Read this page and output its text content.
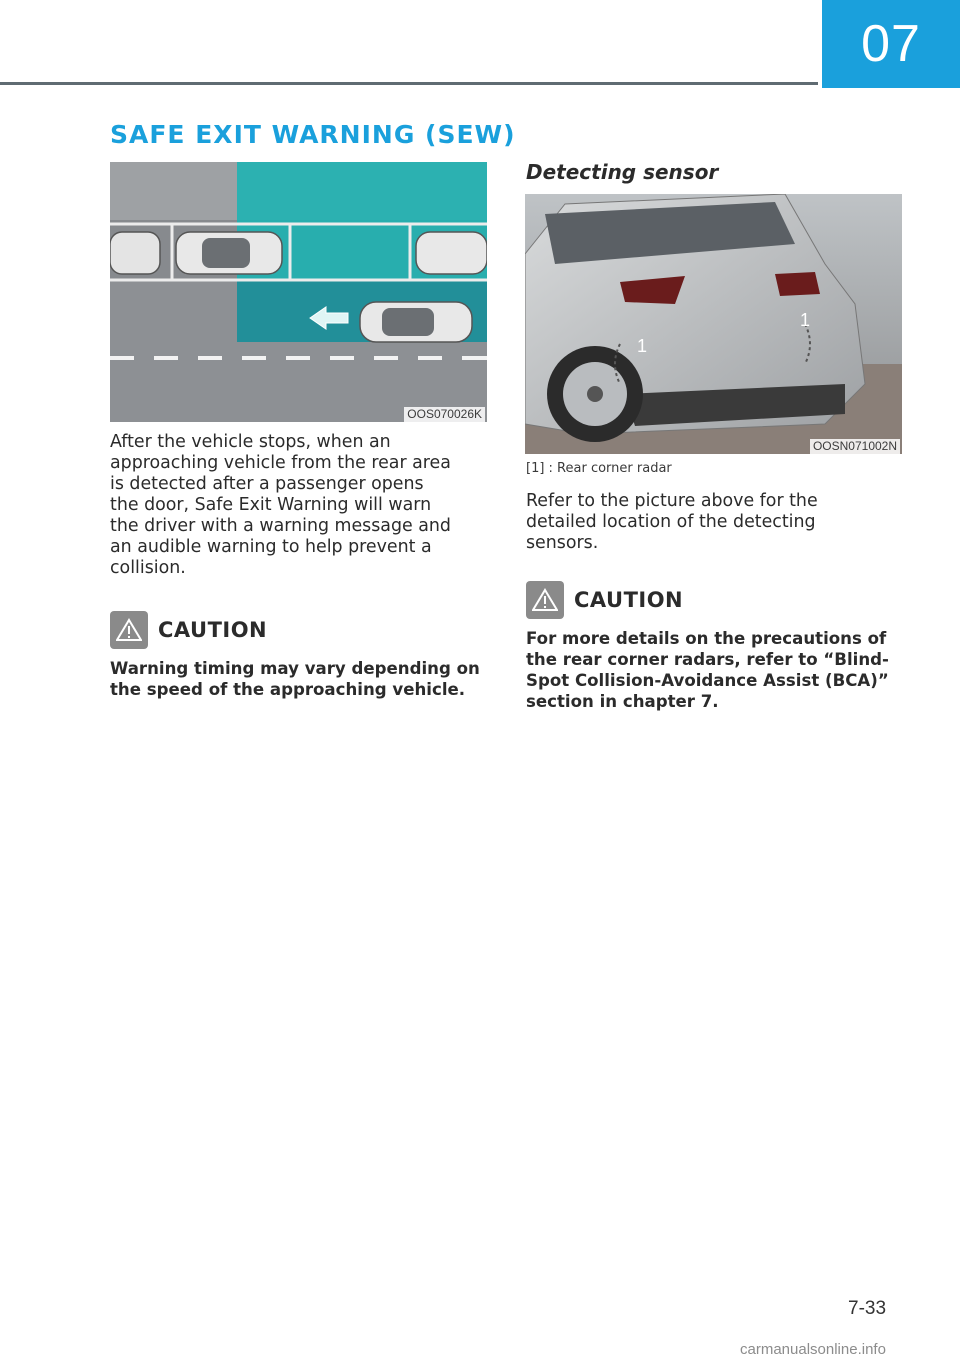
07
SAFE EXIT WARNING (SEW)
OOS070026K
After the vehicle stops, when an
approaching vehicle from the rear area
is detected after a passenger opens
the door, Safe Exit Warning will warn
the driver with a warning message and
an audible warning to help prevent a
collision.
CAUTION
Warning timing may vary depending on
the speed of the approaching vehicle.
Detecting sensor
1
1
OOSN071002N

[1] : Rear corner radar

Refer to the picture above for the
detailed location of the detecting
sensors.
CAUTION
For more details on the precautions of
the rear corner radars, refer to “Blind-
Spot Collision-Avoidance Assist (BCA)”
section in chapter 7.
7-33
carmanualsonline.info
